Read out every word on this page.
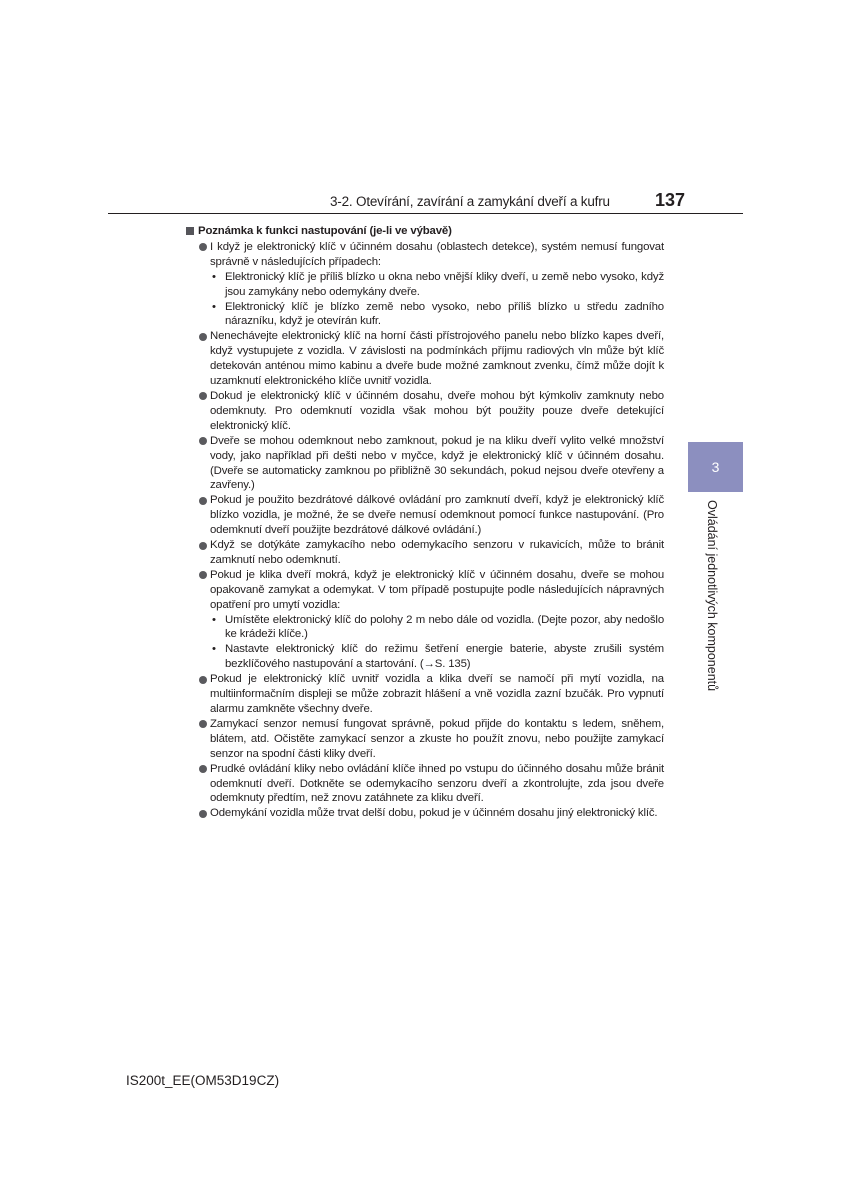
3-2. Otevírání, zavírání a zamykání dveří a kufru	137
Poznámka k funkci nastupování (je-li ve výbavě)
I když je elektronický klíč v účinném dosahu (oblastech detekce), systém nemusí fungovat správně v následujících případech:
• Elektronický klíč je příliš blízko u okna nebo vnější kliky dveří, u země nebo vysoko, když jsou zamykány nebo odemykány dveře.
• Elektronický klíč je blízko země nebo vysoko, nebo příliš blízko u středu zadního nárazníku, když je otevírán kufr.
Nenechávejte elektronický klíč na horní části přístrojového panelu nebo blízko kapes dveří, když vystupujete z vozidla. V závislosti na podmínkách příjmu radiových vln může být klíč detekován anténou mimo kabinu a dveře bude možné zamknout zvenku, čímž může dojít k uzamknutí elektronického klíče uvnitř vozidla.
Dokud je elektronický klíč v účinném dosahu, dveře mohou být kýmkoliv zamknuty nebo odemknuty. Pro odemknutí vozidla však mohou být použity pouze dveře detekující elektronický klíč.
Dveře se mohou odemknout nebo zamknout, pokud je na kliku dveří vylito velké množství vody, jako například při dešti nebo v myčce, když je elektronický klíč v účinném dosahu. (Dveře se automaticky zamknou po přibližně 30 sekundách, pokud nejsou dveře otevřeny a zavřeny.)
Pokud je použito bezdrátové dálkové ovládání pro zamknutí dveří, když je elektronický klíč blízko vozidla, je možné, že se dveře nemusí odemknout pomocí funkce nastupování. (Pro odemknutí dveří použijte bezdrátové dálkové ovládání.)
Když se dotýkáte zamykacího nebo odemykacího senzoru v rukavicích, může to bránit zamknutí nebo odemknutí.
Pokud je klika dveří mokrá, když je elektronický klíč v účinném dosahu, dveře se mohou opakovaně zamykat a odemykat. V tom případě postupujte podle následujících nápravných opatření pro umytí vozidla:
• Umístěte elektronický klíč do polohy 2 m nebo dále od vozidla. (Dejte pozor, aby nedošlo ke krádeži klíče.)
• Nastavte elektronický klíč do režimu šetření energie baterie, abyste zrušili systém bezklíčového nastupování a startování. (→S. 135)
Pokud je elektronický klíč uvnitř vozidla a klika dveří se namočí při mytí vozidla, na multiinformačním displeji se může zobrazit hlášení a vně vozidla zazní bzučák. Pro vypnutí alarmu zamkněte všechny dveře.
Zamykací senzor nemusí fungovat správně, pokud přijde do kontaktu s ledem, sněhem, blátem, atd. Očistěte zamykací senzor a zkuste ho použít znovu, nebo použijte zamykací senzor na spodní části kliky dveří.
Prudké ovládání kliky nebo ovládání klíče ihned po vstupu do účinného dosahu může bránit odemknutí dveří. Dotkněte se odemykacího senzoru dveří a zkontrolujte, zda jsou dveře odemknuty předtím, než znovu zatáhnete za kliku dveří.
Odemykání vozidla může trvat delší dobu, pokud je v účinném dosahu jiný elektronický klíč.
3
Ovládání jednotlivých komponentů
IS200t_EE(OM53D19CZ)
